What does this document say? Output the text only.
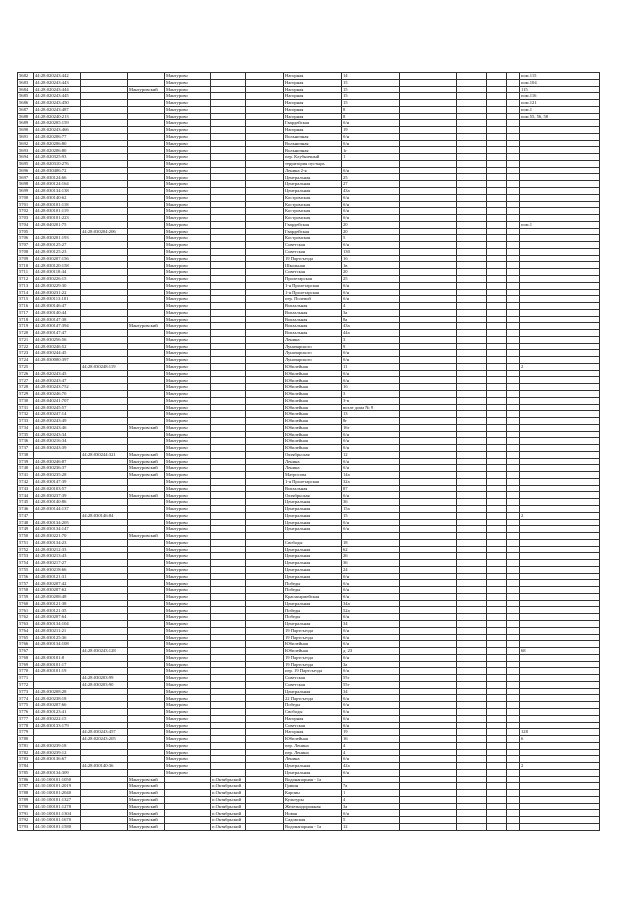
5682	44:28:020243:442			Мантурово			Нагорная	14					пом.115
5683	44:28:020243:443			Мантурово			Нагорная	15					пом.104
5684	44:28:020243:444		Мантуровский	Мантурово			Нагорная	15					115
5685	44:28:020243:445			Мантурово			Нагорная	15					пом.116
5686	44:28:020243:450			Мантурово			Нагорная	15					пом.121
5687	44:28:020243:487			Мантурово			Нагорная	8					пом.1
5688	44:28:020240:213			Мантурово			Нагорная	8					пом.55, 56, 58
5689	44:28:020205:159			Мантурово			Гвардейская	б/н					
5690	44:28:020243:466			Мантурово			Нагорная	19					
5691	44:28:020206:77			Мантурово			Вольничная	б/н					
5692	44:28:020206:80			Мантурово			Вольничная	б/н					
5693	44:28:020206:80			Мантурово			Вольничная	1г					
5694	44:28:020325:93			Мантурово			пер. Клубничный	1					
5695	44:28:020310:276			Мантурово			территория пустырь						
5696	44:28:030406:72			Мантурово			Ленина 2-я	б/н					
5697	44:28:030124:66			Мантурово			Центральная	25					
5698	44:28:030124:164			Мантурово			Центральная	27					
5699	44:28:030134:138			Мантурово			Центральная	43а					
5700	44:28:030140:62			Мантурово			Костромская	б/н					
5701	44:28:030101:118			Мантурово			Костромская	б/н					
5702	44:28:030101:119			Мантурово			Костромская	б/н					
5703	44:28:030101:223			Мантурово			Костромская	б/н					
5704	44:28:040201:75			Мантурово			Гвардейская	20					пом.1
5705		44:28:030204:206		Мантурово			Гвардейская	20					
5706	44:28:030201:193			Мантурово			Костромская	5					
5707	44:28:030125:27			Мантурово			Советская	б/н					
5708	44:28:030125:23			Мантурово			Советская	130					
5709	44:28:030207:156			Мантурово			19 Партсъезда	1б					
5710	44:28:030120:158			Мантурово			Школьная	1в					
5711	44:28:030118:44			Мантурово			Советская	20					
5712	44:28:030226:15			Мантурово			Пролетарская	25					
5713	44:28:030229:30			Мантурово			1-я Пролетарская	б/н					
5714	44:28:030231:22			Мантурово			1-я Пролетарская	б/н					
5715	44:28:030113:101			Мантурово			пер. Полевой	б/н					
5716	44:28:030146:47			Мантурово			Вокзальная	4					
5717	44:28:030140:44			Мантурово			Вокзальная	3а					
5718	44:28:030147:38			Мантурово			Вокзальная	8а					
5719	44:28:030147:394		Мантуровский	Мантурово			Вокзальная	43а					
5720	44:28:030147:47			Мантурово			Вокзальная	44а					
5721	44:28:030256:56			Мантурово			Ленина	3					
5722	44:28:030246:52			Мантурово			Луначарского	9					
5723	44:28:030244:45			Мантурово			Луначарского	б/н					
5724	44:28:030000:397			Мантурово			Луначарского	б/н					
5725		44:28:030248:119		Мантурово			Юбилейная	11					2
5726	44:28:020243:45			Мантурово			Юбилейная	б/н					
5727	44:28:030243:47			Мантурово			Юбилейная	б/н					
5728	44:28:030243:752			Мантурово			Юбилейная	1б					
5729	44:28:030246:70			Мантурово			Юбилейная	3					
5730	44:28:040241:707			Мантурово			Юбилейная	3-в					
5731	44:28:030245:57			Мантурово			Юбилейная	возле дома № 9					
5732	44:28:030247:14			Мантурово			Юбилейная	13					
5733	44:28:030243:49			Мантурово			Юбилейная	8г					
5734	44:28:030243:46		Мантуровский	Мантурово			Юбилейная	16г					
5735	44:28:020243:34			Мантурово			Юбилейная	б/н					
5736	44:28:030216:34			Мантурово			Юбилейная	б/н					
5737	44:28:030243:39			Мантурово			Юбилейная	б/н					
5738		44:28:030244:321	Мантуровский	Мантурово			Октябрьская	12					
5739	44:28:030246:87		Мантуровский	Мантурово			Ленина	б/н					
5740	44:28:030236:37		Мантуровский	Мантурово			Ленина	б/н					
5741	44:28:030235:28		Мантуровский	Мантурово			Матросова	14а					
5742	44:28:030147:39			Мантурово			1-я Пролетарская	32а					
5743	44:28:020103:57			Мантурово			Вокзальная	87					
5744	44:28:030237:39		Мантуровский	Мантурово			Октябрьская	б/н					
5745	44:28:030140:86			Мантурово			Центральная	36					
5746	44:28:030144:137			Мантурово			Центральная	15а					
5747		44:28:030146:84		Мантурово			Центральная	15					2
5748	44:28:030134:205			Мантурово			Центральная	б/н					
5749	44:28:030134:147			Мантурово			Центральная	б/н					
5750	44:28:030221:70		Мантуровский	Мантурово									
5751	44:28:030134:23			Мантурово			Свободы	18					
5752	44:28:030212:33			Мантурово			Центральная	62					
5753	44:28:030213:43			Мантурово			Центральная	26					
5754	44:28:030217:27			Мантурово			Центральная	36					
5755	44:28:030218:66			Мантурово			Центральная	24					
5756	44:28:030121:31			Мантурово			Центральная	б/н					
5757	44:28:030207:42			Мантурово			Победы	б/н					
5758	44:28:030207:62			Мантурово			Победы	б/н					
5759	44:28:030208:48			Мантурово			Красноармейская	б/н					
5760	44:28:030121:38			Мантурово			Центральная	34а					
5761	44:28:030121:35			Мантурово			Победы	52а					
5762	44:28:030207:64			Мантурово			Победы	б/н					
5763	44:28:030134:104			Мантурово			Центральная	34					
5764	44:28:030211:21			Мантурово			19 Партсъезда	б/н					
5765	44:28:030125:36			Мантурово			19 Партсъезда	б/н					
5766	44:28:030134:108			Мантурово			Юбилейная	б/н					
5767		44:28:030243:128		Мантурово			Юбилейная	д. 23					68
5768	44:28:030101:8			Мантурово			19 Партсъезда	б/н					
5769	44:28:030101:17			Мантурово			19 Партсъезда	3а					
5770	44:28:030101:19			Мантурово			пер. 19 Партсъезда	б/н					
5771		44:28:030203:99		Мантурово			Советская	55г					
5772		44:28:030203:90		Мантурово			Советская	55г					
5773	44:28:030208:28			Мантурово			Центральная	34					
5774	44:28:020238:18			Мантурово			22 Партсъезда	б/н					
5775	44:28:030207:66			Мантурово			Победы	б/н					
5776	44:28:030123:41			Мантурово			Свободы	б/н					
5777	44:28:030222:15			Мантурово			Нагорная	б/н					
5778	44:28:030133:179			Мантурово			Советская	б/н					
5779		44:28:030243:457		Мантурово			Нагорная	19					128
5780		44:28:020243:205		Мантурово			Юбилейная	16					6
5781	44:28:030239:18			Мантурово			пер. Ленина	4					
5782	44:28:030239:12			Мантурово			пер. Ленина	4					
5783	44:28:030136:67			Мантурово			Ленина	б/н					
5784		44:28:030140:36		Мантурово			Центральная	42а					2
5785	44:28:030134:309			Мантурово			Центральная	б/н					
5786	44:10:100101:1050		Мантуровский		п.Октябрьский		Водонапорная - 1а						
5787	44:10:100101:2019		Мантуровский		п.Октябрьский		Гришн	7а					
5788	44:10:100101:2040		Мантуровский		п.Октябрьский		Карпин	1					
5789	44:10:100101:1327		Мантуровский		п.Октябрьский		Культуры	4					
5790	44:10:100101:1278		Мантуровский		п.Октябрьский		Железнодорожная	3а					
5791	44:10:100101:1304		Мантуровский		п.Октябрьский		Новая	б/н					
5792	44:10:100101:1670		Мантуровский		п.Октябрьский		Садовская	5					
5793	44:10:100101:1580		Мантуровский		п.Октябрьский		Водонапорная - 1а	12					
